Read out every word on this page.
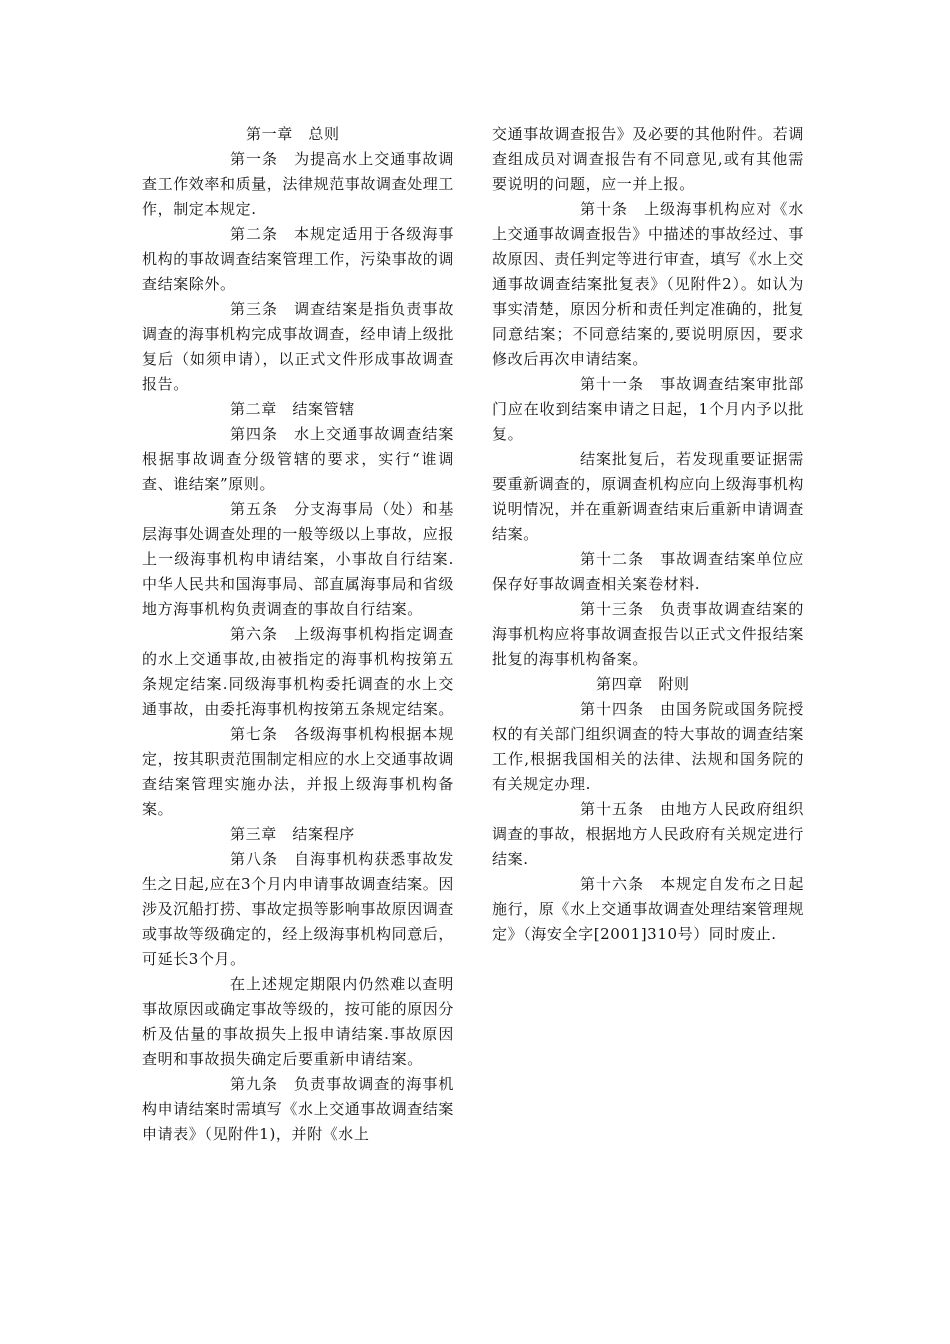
第一章　总则

第一条　为提高水上交通事故调查工作效率和质量，法律规范事故调查处理工作，制定本规定.

第二条　本规定适用于各级海事机构的事故调查结案管理工作，污染事故的调查结案除外。

第三条　调查结案是指负责事故调查的海事机构完成事故调查，经申请上级批复后（如须申请），以正式文件形成事故调查报告。

第二章　结案管辖

第四条　水上交通事故调查结案根据事故调查分级管辖的要求，实行“谁调查、谁结案”原则。

第五条　分支海事局（处）和基层海事处调查处理的一般等级以上事故，应报上一级海事机构申请结案，小事故自行结案.中华人民共和国海事局、部直属海事局和省级地方海事机构负责调查的事故自行结案。

第六条　上级海事机构指定调查的水上交通事故,由被指定的海事机构按第五条规定结案.同级海事机构委托调查的水上交通事故，由委托海事机构按第五条规定结案。

第七条　各级海事机构根据本规定，按其职责范围制定相应的水上交通事故调查结案管理实施办法，并报上级海事机构备案。

第三章　结案程序

第八条　自海事机构获悉事故发生之日起,应在3个月内申请事故调查结案。因涉及沉船打捞、事故定损等影响事故原因调查或事故等级确定的，经上级海事机构同意后，可延长3个月。

在上述规定期限内仍然难以查明事故原因或确定事故等级的，按可能的原因分析及估量的事故损失上报申请结案.事故原因查明和事故损失确定后要重新申请结案。

第九条　负责事故调查的海事机构申请结案时需填写《水上交通事故调查结案申请表》（见附件1)，并附《水上

交通事故调查报告》及必要的其他附件。若调查组成员对调查报告有不同意见,或有其他需要说明的问题，应一并上报。

第十条　上级海事机构应对《水上交通事故调查报告》中描述的事故经过、事故原因、责任判定等进行审查，填写《水上交通事故调查结案批复表》（见附件2）。如认为事实清楚，原因分析和责任判定准确的，批复同意结案；不同意结案的,要说明原因，要求修改后再次申请结案。

第十一条　事故调查结案审批部门应在收到结案申请之日起，1个月内予以批复。

结案批复后，若发现重要证据需要重新调查的，原调查机构应向上级海事机构说明情况，并在重新调查结束后重新申请调查结案。

第十二条　事故调查结案单位应保存好事故调查相关案卷材料.

第十三条　负责事故调查结案的海事机构应将事故调查报告以正式文件报结案批复的海事机构备案。

第四章　附则

第十四条　由国务院或国务院授权的有关部门组织调查的特大事故的调查结案工作,根据我国相关的法律、法规和国务院的有关规定办理.

第十五条　由地方人民政府组织调查的事故，根据地方人民政府有关规定进行结案.

第十六条　本规定自发布之日起施行，原《水上交通事故调查处理结案管理规定》（海安全字[2001]310号）同时废止.
